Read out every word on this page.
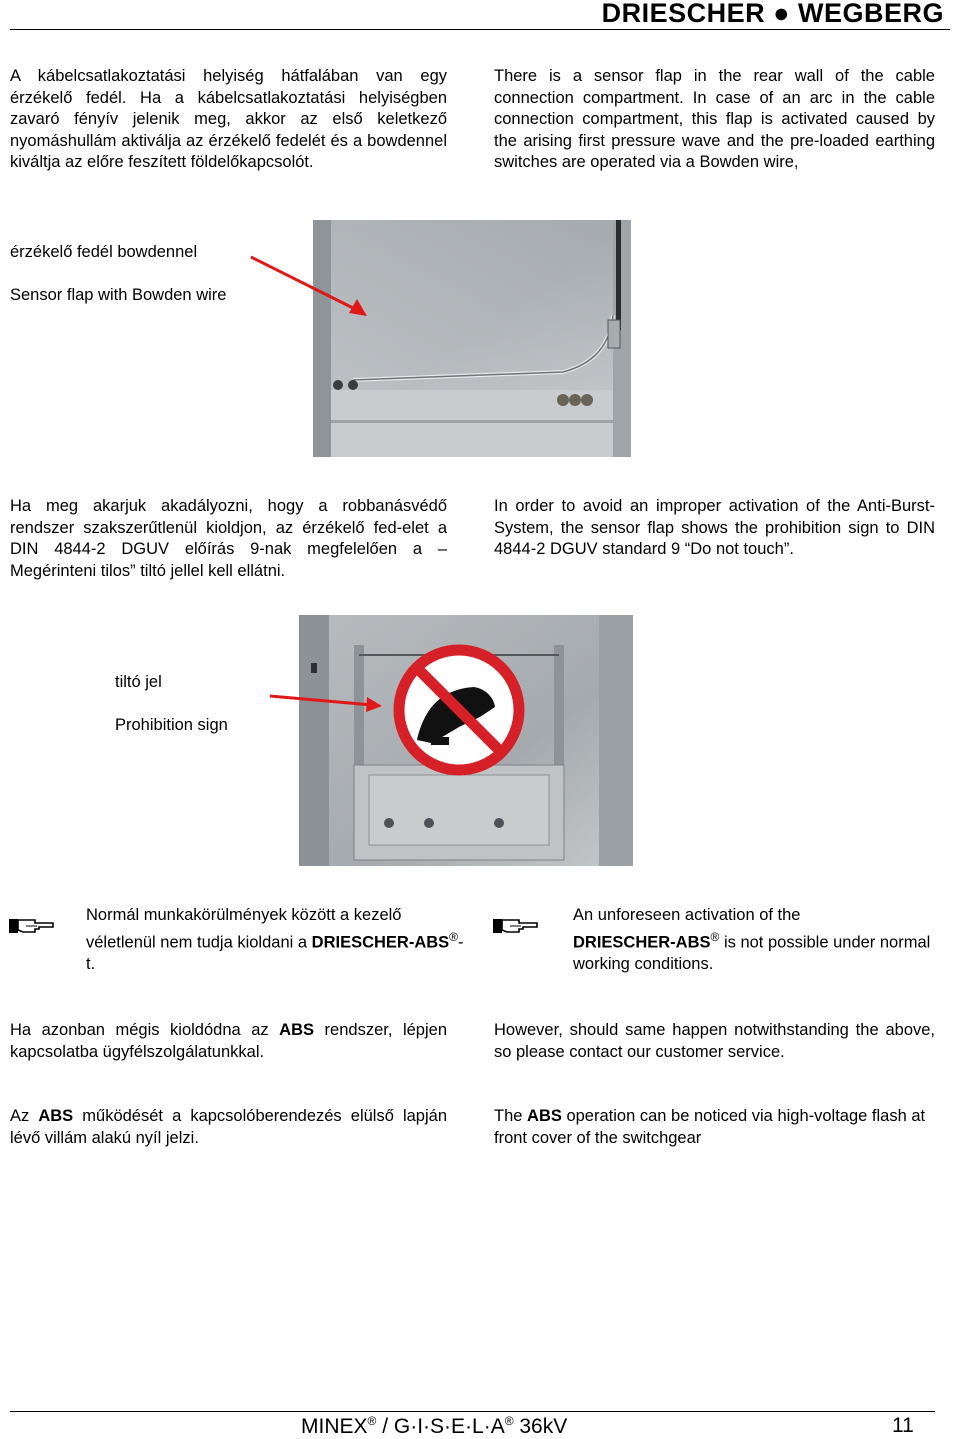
DRIESCHER ● WEGBERG

A kábelcsatlakoztatási helyiség hátfalában van egy érzékelő fedél. Ha a kábelcsatlakoztatási helyiségben zavaró fényív jelenik meg, akkor az első keletkező nyomáshullám aktiválja az érzékelő fedelét és a bowdennel kiváltja az előre feszített földelőkapcsolót.

There is a sensor flap in the rear wall of the cable connection compartment. In case of an arc in the cable connection compartment, this flap is activated caused by the arising first pressure wave and the pre-loaded earthing switches are operated via a Bowden wire,

érzékelő fedél bowdennel
Sensor flap with Bowden wire

Ha meg akarjuk akadályozni, hogy a robbanásvédő rendszer szakszerűtlenül kioldjon, az érzékelő fed-elet a DIN 4844-2 DGUV előírás 9-nak megfelelően a – Megérinteni tilos” tiltó jellel kell ellátni.

In order to avoid an improper activation of the Anti-Burst-System, the sensor flap shows the prohibition sign to DIN 4844-2 DGUV standard 9 “Do not touch”.

tiltó jel
Prohibition sign
Normál munkakörülmények között a kezelő véletlenül nem tudja kioldani a DRIESCHER-ABS®-t.
An unforeseen activation of the
DRIESCHER-ABS® is not possible under normal working conditions.

Ha azonban mégis kioldódna az ABS rendszer, lépjen kapcsolatba ügyfélszolgálatunkkal.

However, should same happen notwithstanding the above, so please contact our customer service.

Az ABS működését a kapcsolóberendezés elülső lapján lévő villám alakú nyíl jelzi.

The ABS operation can be noticed via high-voltage flash at front cover of the switchgear

MINEX® / G·I·S·E·L·A® 36kV	11
